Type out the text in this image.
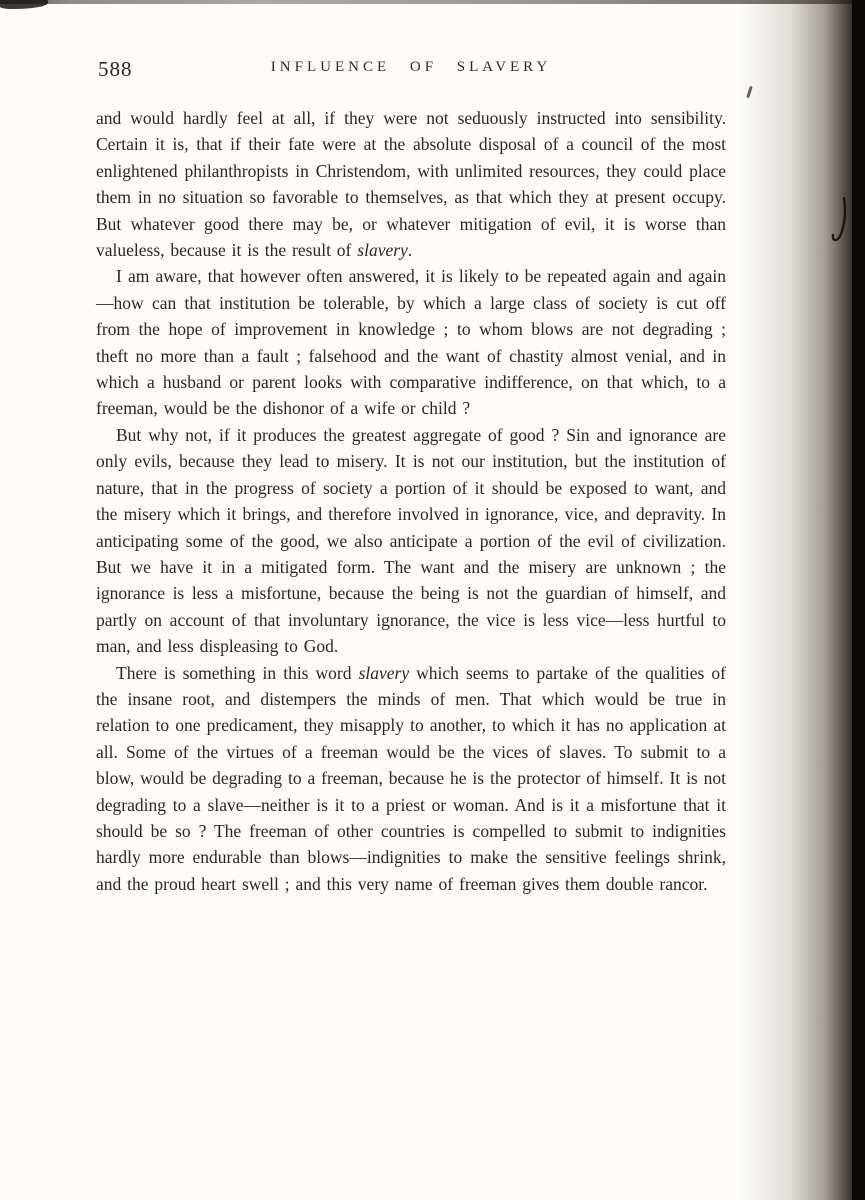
588	INFLUENCE OF SLAVERY

and would hardly feel at all, if they were not seduously instructed into sensibility. Certain it is, that if their fate were at the absolute disposal of a council of the most enlightened philanthropists in Christendom, with unlimited resources, they could place them in no situation so favorable to themselves, as that which they at present occupy. But whatever good there may be, or whatever mitigation of evil, it is worse than valueless, because it is the result of slavery.

I am aware, that however often answered, it is likely to be repeated again and again—how can that institution be tolerable, by which a large class of society is cut off from the hope of improvement in knowledge ; to whom blows are not degrading ; theft no more than a fault ; falsehood and the want of chastity almost venial, and in which a husband or parent looks with comparative indifference, on that which, to a freeman, would be the dishonor of a wife or child ?

But why not, if it produces the greatest aggregate of good ? Sin and ignorance are only evils, because they lead to misery. It is not our institution, but the institution of nature, that in the progress of society a portion of it should be exposed to want, and the misery which it brings, and therefore involved in ignorance, vice, and depravity. In anticipating some of the good, we also anticipate a portion of the evil of civilization. But we have it in a mitigated form. The want and the misery are unknown ; the ignorance is less a misfortune, because the being is not the guardian of himself, and partly on account of that involuntary ignorance, the vice is less vice—less hurtful to man, and less displeasing to God.

There is something in this word slavery which seems to partake of the qualities of the insane root, and distempers the minds of men. That which would be true in relation to one predicament, they misapply to another, to which it has no application at all. Some of the virtues of a freeman would be the vices of slaves. To submit to a blow, would be degrading to a freeman, because he is the protector of himself. It is not degrading to a slave—neither is it to a priest or woman. And is it a misfortune that it should be so ? The freeman of other countries is compelled to submit to indignities hardly more endurable than blows—indignities to make the sensitive feelings shrink, and the proud heart swell ; and this very name of freeman gives them double rancor.
